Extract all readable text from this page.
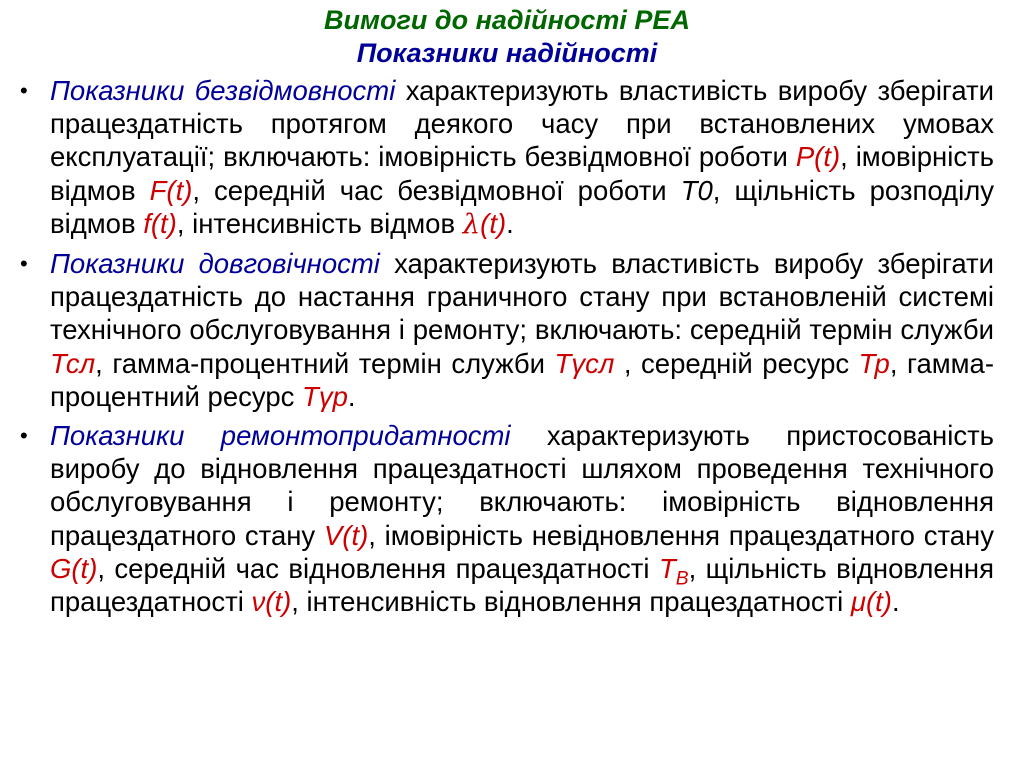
Вимоги до надійності РЕА
Показники надійності
• Показники безвідмовності характеризують властивість виробу зберігати працездатність протягом деякого часу при встановлених умовах експлуатації; включають: імовірність безвідмовної роботи P(t), імовірність відмов F(t), середній час безвідмовної роботи T0, щільність розподілу відмов f(t), інтенсивність відмов λ(t).
• Показники довговічності характеризують властивість виробу зберігати працездатність до настання граничного стану при встановленій системі технічного обслуговування і ремонту; включають: середній термін служби Тсл, гамма-процентний термін служби Тγсл , середній ресурс Тр, гамма-процентний ресурс Тγр.
• Показники ремонтопридатності характеризують пристосованість виробу до відновлення працездатності шляхом проведення технічного обслуговування і ремонту; включають: імовірність відновлення працездатного стану V(t), імовірність невідновлення працездатного стану G(t), середній час відновлення працездатності $Т_В$, щільність відновлення працездатності ν(t), інтенсивність відновлення працездатності μ(t).
